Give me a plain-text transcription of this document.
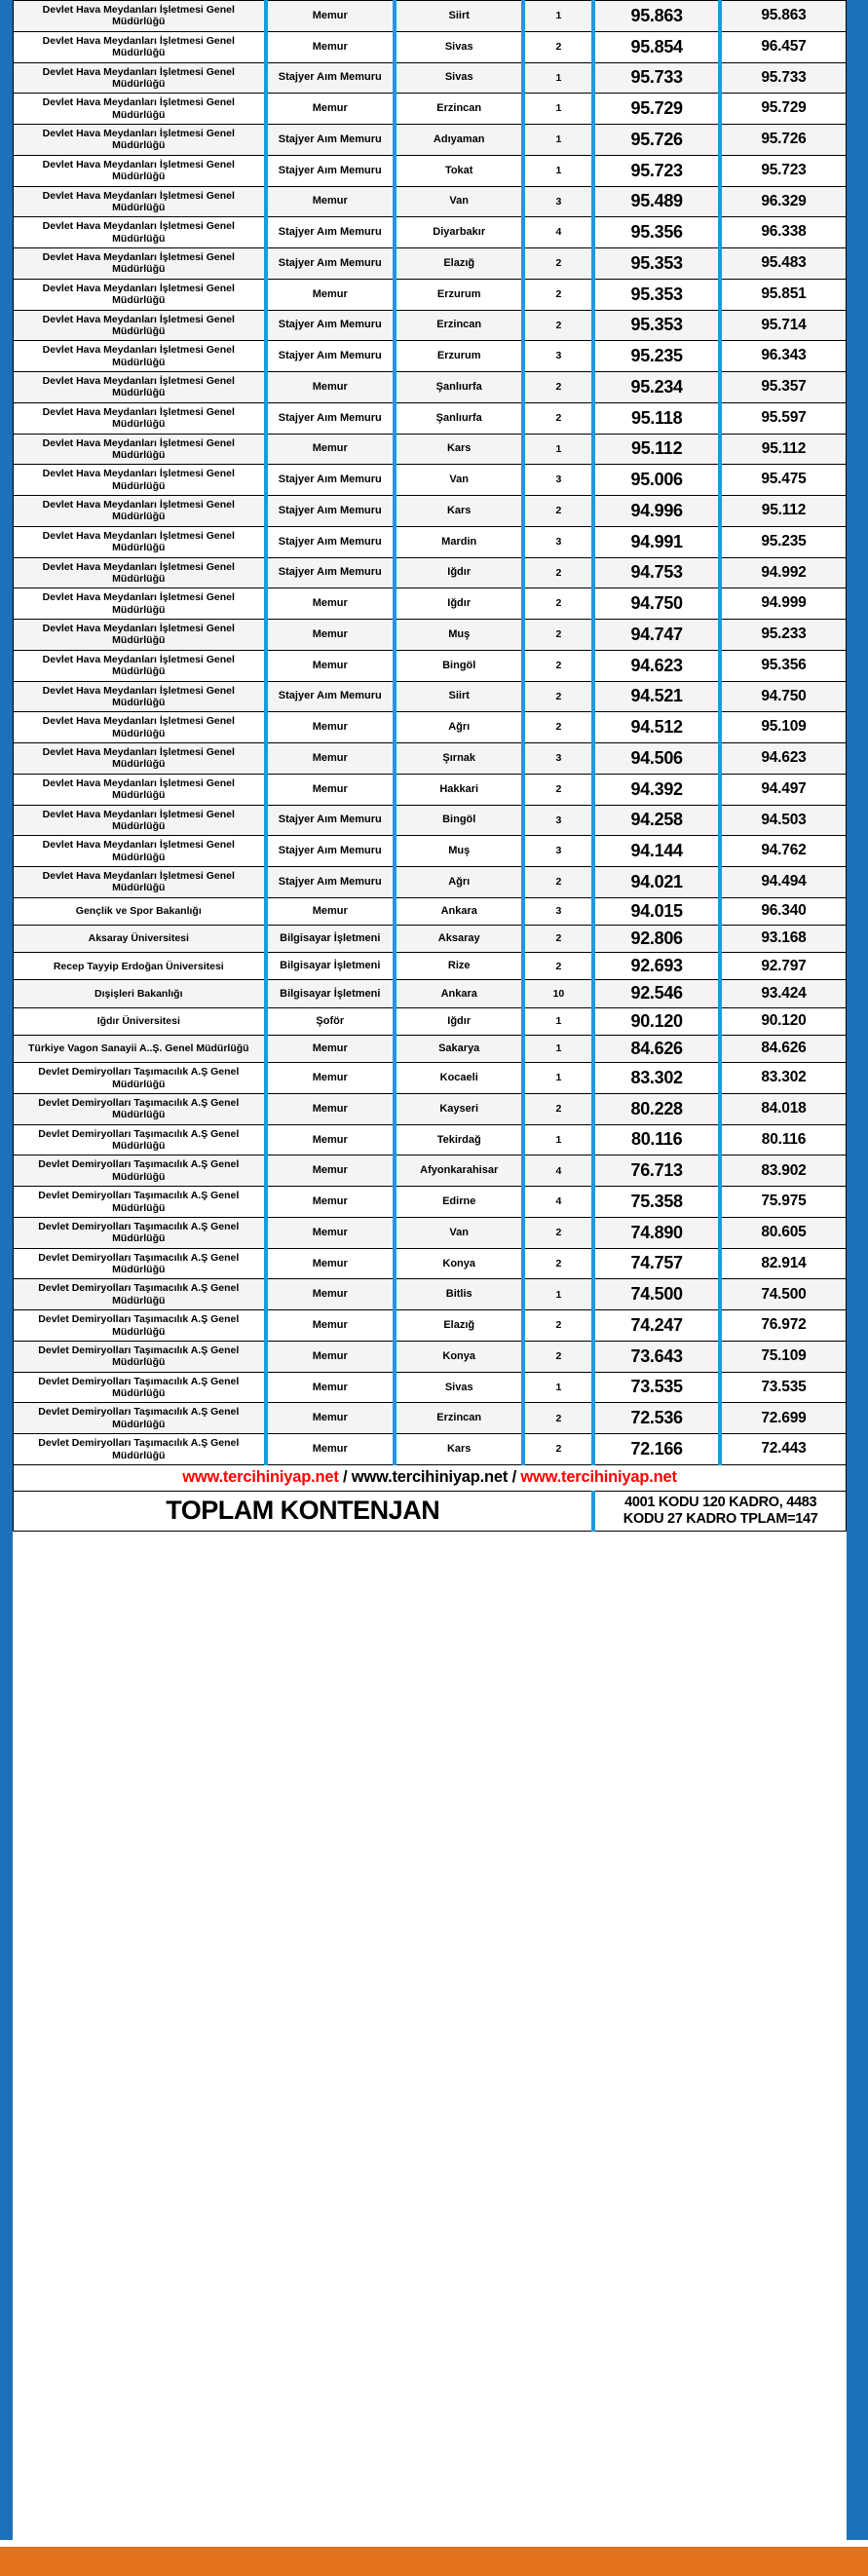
Devlet Hava Meydanları İşletmesi Genel Müdürlüğü	Memur	Siirt	1	95.863	95.863
Devlet Hava Meydanları İşletmesi Genel Müdürlüğü	Memur	Sivas	2	95.854	96.457
Devlet Hava Meydanları İşletmesi Genel Müdürlüğü	Stajyer Aım Memuru	Sivas	1	95.733	95.733
Devlet Hava Meydanları İşletmesi Genel Müdürlüğü	Memur	Erzincan	1	95.729	95.729
Devlet Hava Meydanları İşletmesi Genel Müdürlüğü	Stajyer Aım Memuru	Adıyaman	1	95.726	95.726
Devlet Hava Meydanları İşletmesi Genel Müdürlüğü	Stajyer Aım Memuru	Tokat	1	95.723	95.723
Devlet Hava Meydanları İşletmesi Genel Müdürlüğü	Memur	Van	3	95.489	96.329
Devlet Hava Meydanları İşletmesi Genel Müdürlüğü	Stajyer Aım Memuru	Diyarbakır	4	95.356	96.338
Devlet Hava Meydanları İşletmesi Genel Müdürlüğü	Stajyer Aım Memuru	Elazığ	2	95.353	95.483
Devlet Hava Meydanları İşletmesi Genel Müdürlüğü	Memur	Erzurum	2	95.353	95.851
Devlet Hava Meydanları İşletmesi Genel Müdürlüğü	Stajyer Aım Memuru	Erzincan	2	95.353	95.714
Devlet Hava Meydanları İşletmesi Genel Müdürlüğü	Stajyer Aım Memuru	Erzurum	3	95.235	96.343
Devlet Hava Meydanları İşletmesi Genel Müdürlüğü	Memur	Şanlıurfa	2	95.234	95.357
Devlet Hava Meydanları İşletmesi Genel Müdürlüğü	Stajyer Aım Memuru	Şanlıurfa	2	95.118	95.597
Devlet Hava Meydanları İşletmesi Genel Müdürlüğü	Memur	Kars	1	95.112	95.112
Devlet Hava Meydanları İşletmesi Genel Müdürlüğü	Stajyer Aım Memuru	Van	3	95.006	95.475
Devlet Hava Meydanları İşletmesi Genel Müdürlüğü	Stajyer Aım Memuru	Kars	2	94.996	95.112
Devlet Hava Meydanları İşletmesi Genel Müdürlüğü	Stajyer Aım Memuru	Mardin	3	94.991	95.235
Devlet Hava Meydanları İşletmesi Genel Müdürlüğü	Stajyer Aım Memuru	Iğdır	2	94.753	94.992
Devlet Hava Meydanları İşletmesi Genel Müdürlüğü	Memur	Iğdır	2	94.750	94.999
Devlet Hava Meydanları İşletmesi Genel Müdürlüğü	Memur	Muş	2	94.747	95.233
Devlet Hava Meydanları İşletmesi Genel Müdürlüğü	Memur	Bingöl	2	94.623	95.356
Devlet Hava Meydanları İşletmesi Genel Müdürlüğü	Stajyer Aım Memuru	Siirt	2	94.521	94.750
Devlet Hava Meydanları İşletmesi Genel Müdürlüğü	Memur	Ağrı	2	94.512	95.109
Devlet Hava Meydanları İşletmesi Genel Müdürlüğü	Memur	Şırnak	3	94.506	94.623
Devlet Hava Meydanları İşletmesi Genel Müdürlüğü	Memur	Hakkari	2	94.392	94.497
Devlet Hava Meydanları İşletmesi Genel Müdürlüğü	Stajyer Aım Memuru	Bingöl	3	94.258	94.503
Devlet Hava Meydanları İşletmesi Genel Müdürlüğü	Stajyer Aım Memuru	Muş	3	94.144	94.762
Devlet Hava Meydanları İşletmesi Genel Müdürlüğü	Stajyer Aım Memuru	Ağrı	2	94.021	94.494
Gençlik ve Spor Bakanlığı	Memur	Ankara	3	94.015	96.340
Aksaray Üniversitesi	Bilgisayar İşletmeni	Aksaray	2	92.806	93.168
Recep Tayyip Erdoğan Üniversitesi	Bilgisayar İşletmeni	Rize	2	92.693	92.797
Dışişleri Bakanlığı	Bilgisayar İşletmeni	Ankara	10	92.546	93.424
Iğdır Üniversitesi	Şoför	Iğdır	1	90.120	90.120
Türkiye Vagon Sanayii A..Ş. Genel Müdürlüğü	Memur	Sakarya	1	84.626	84.626
Devlet Demiryolları Taşımacılık A.Ş Genel Müdürlüğü	Memur	Kocaeli	1	83.302	83.302
Devlet Demiryolları Taşımacılık A.Ş Genel Müdürlüğü	Memur	Kayseri	2	80.228	84.018
Devlet Demiryolları Taşımacılık A.Ş Genel Müdürlüğü	Memur	Tekirdağ	1	80.116	80.116
Devlet Demiryolları Taşımacılık A.Ş Genel Müdürlüğü	Memur	Afyonkarahisar	4	76.713	83.902
Devlet Demiryolları Taşımacılık A.Ş Genel Müdürlüğü	Memur	Edirne	4	75.358	75.975
Devlet Demiryolları Taşımacılık A.Ş Genel Müdürlüğü	Memur	Van	2	74.890	80.605
Devlet Demiryolları Taşımacılık A.Ş Genel Müdürlüğü	Memur	Konya	2	74.757	82.914
Devlet Demiryolları Taşımacılık A.Ş Genel Müdürlüğü	Memur	Bitlis	1	74.500	74.500
Devlet Demiryolları Taşımacılık A.Ş Genel Müdürlüğü	Memur	Elazığ	2	74.247	76.972
Devlet Demiryolları Taşımacılık A.Ş Genel Müdürlüğü	Memur	Konya	2	73.643	75.109
Devlet Demiryolları Taşımacılık A.Ş Genel Müdürlüğü	Memur	Sivas	1	73.535	73.535
Devlet Demiryolları Taşımacılık A.Ş Genel Müdürlüğü	Memur	Erzincan	2	72.536	72.699
Devlet Demiryolları Taşımacılık A.Ş Genel Müdürlüğü	Memur	Kars	2	72.166	72.443
www.tercihiniyap.net / www.tercihiniyap.net / www.tercihiniyap.net					
TOPLAM KONTENJAN				4001 KODU 120 KADRO, 4483
KODU 27 KADRO TPLAM=147	
